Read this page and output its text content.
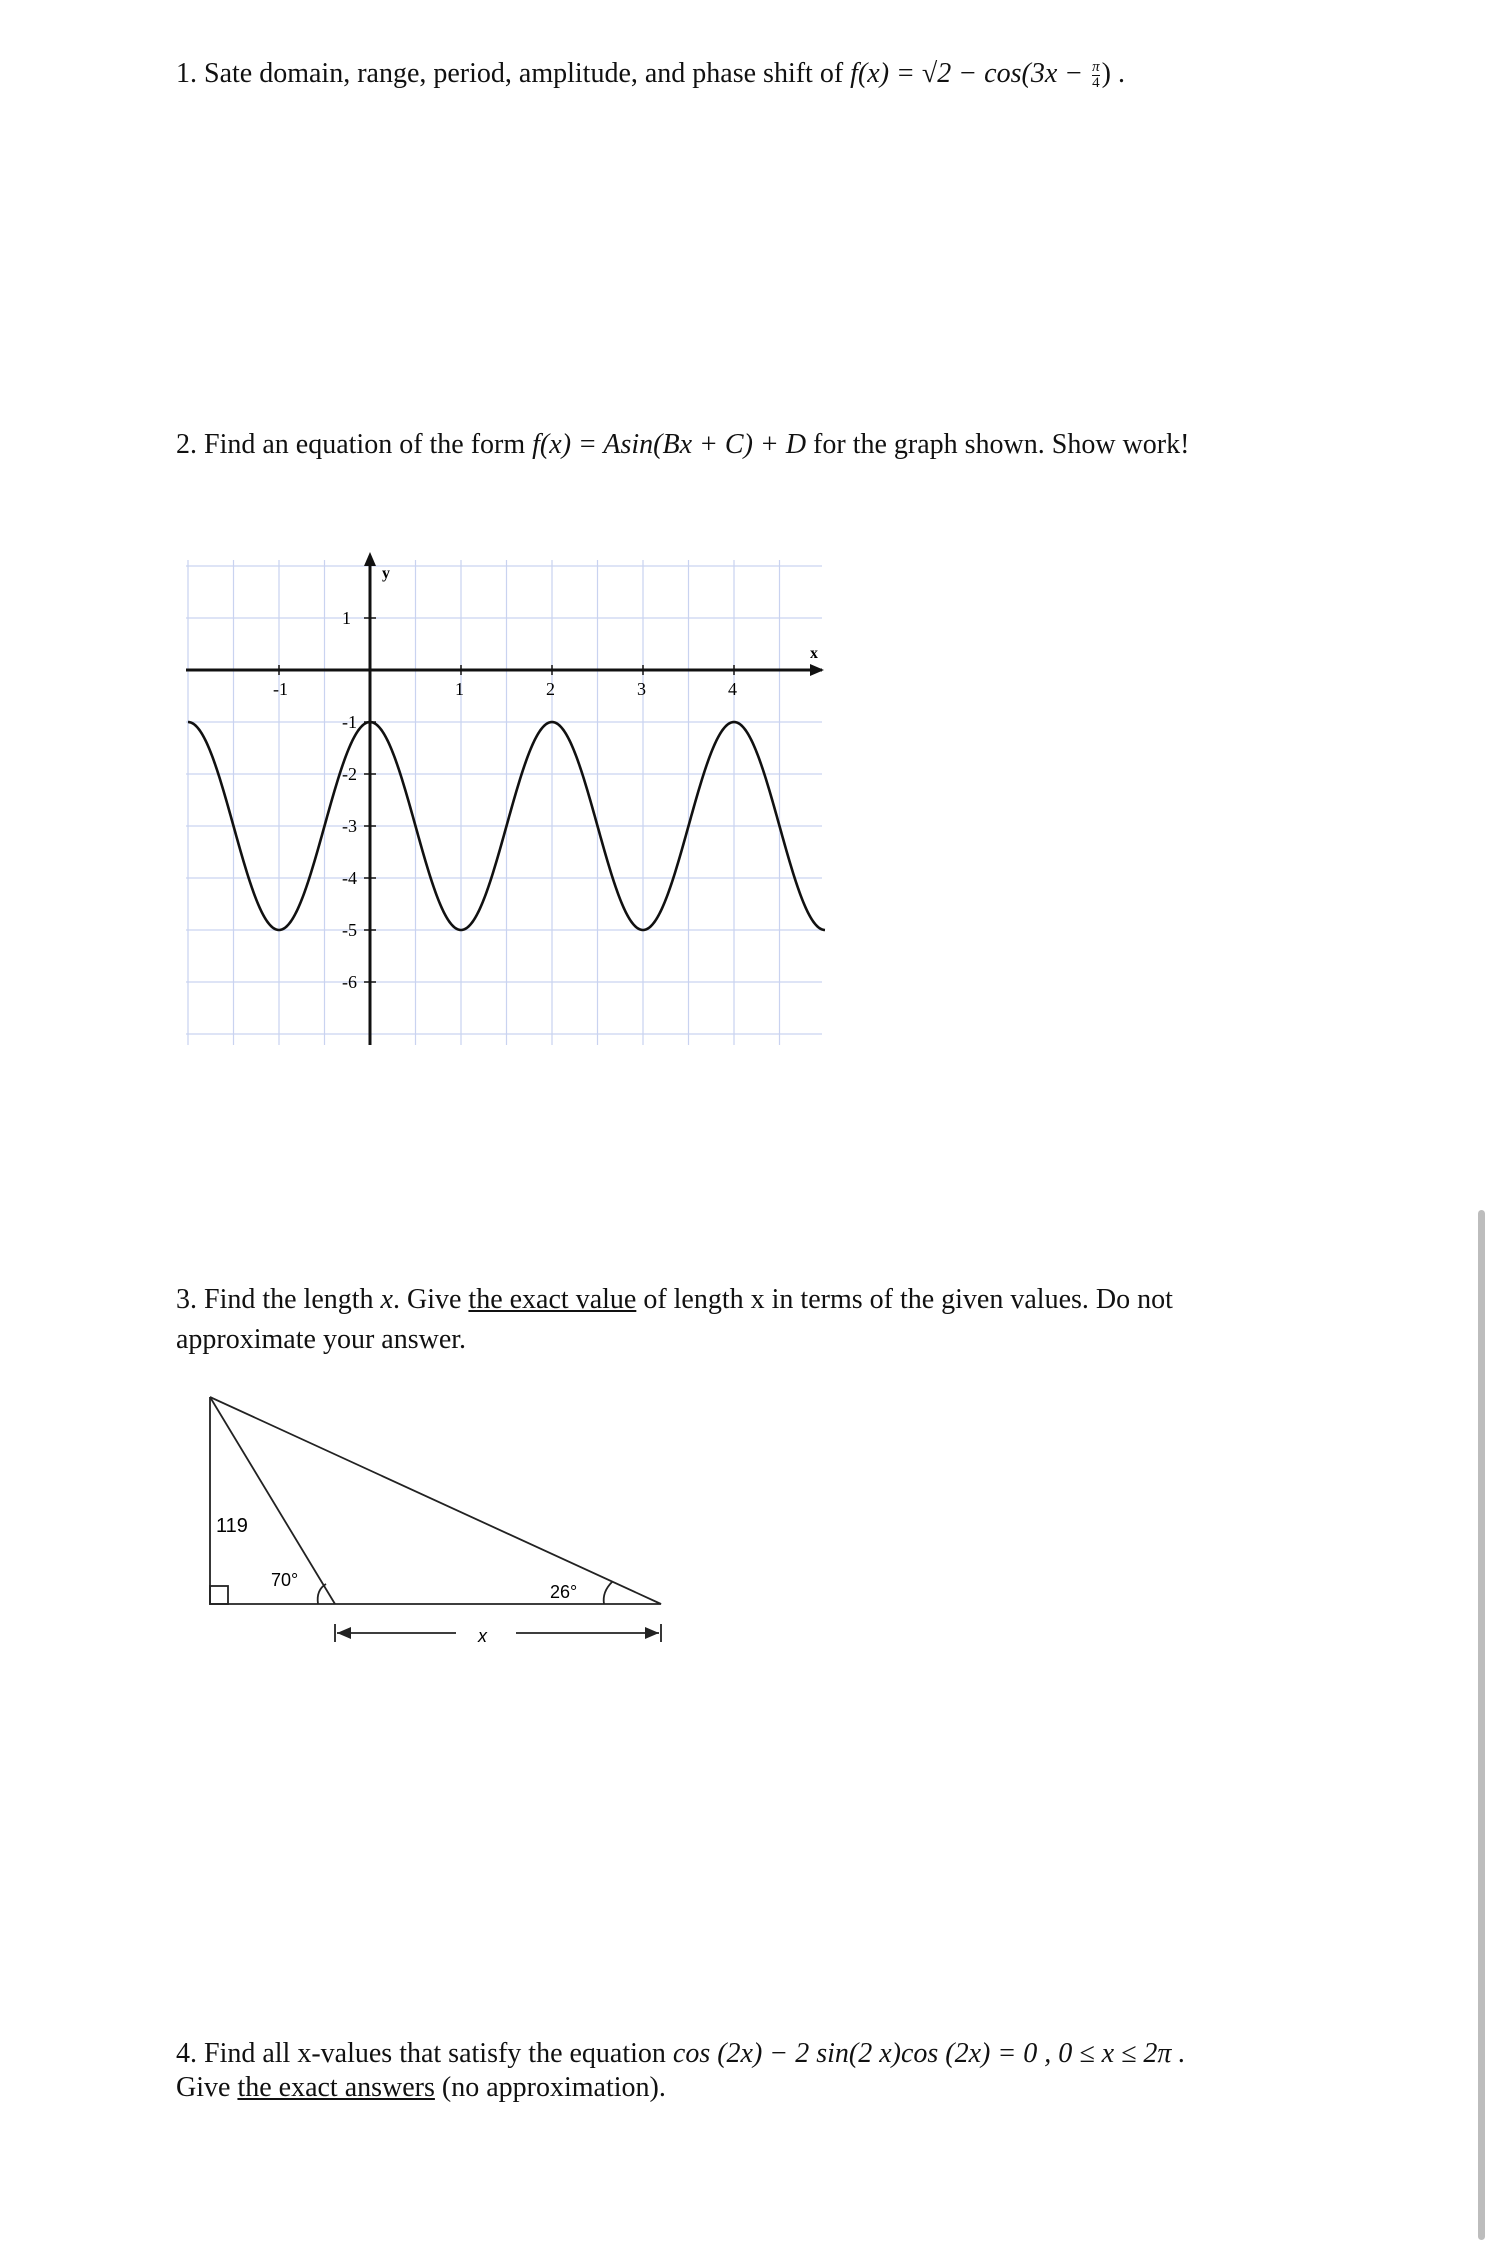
1. Sate domain, range, period, amplitude, and phase shift of $f(x) = √2 - \cos(3x - \frac{\pi}{4}$ ) .
2. Find an equation of the form f(x) = Asin(Bx + C) + D for the graph shown. Show work!
-1	1	2	3	4
1
-1
-2
-3
-4
-5
-6
x
y
3. Find the length x. Give the exact value of length x in terms of the given values. Do not
approximate your answer.
119
70°
26°
x
4. Find all x-values that satisfy the equation cos (2x) − 2 sin(2 x)cos (2x) = 0 , 0 ≤ x ≤ 2π .
Give the exact answers (no approximation).
